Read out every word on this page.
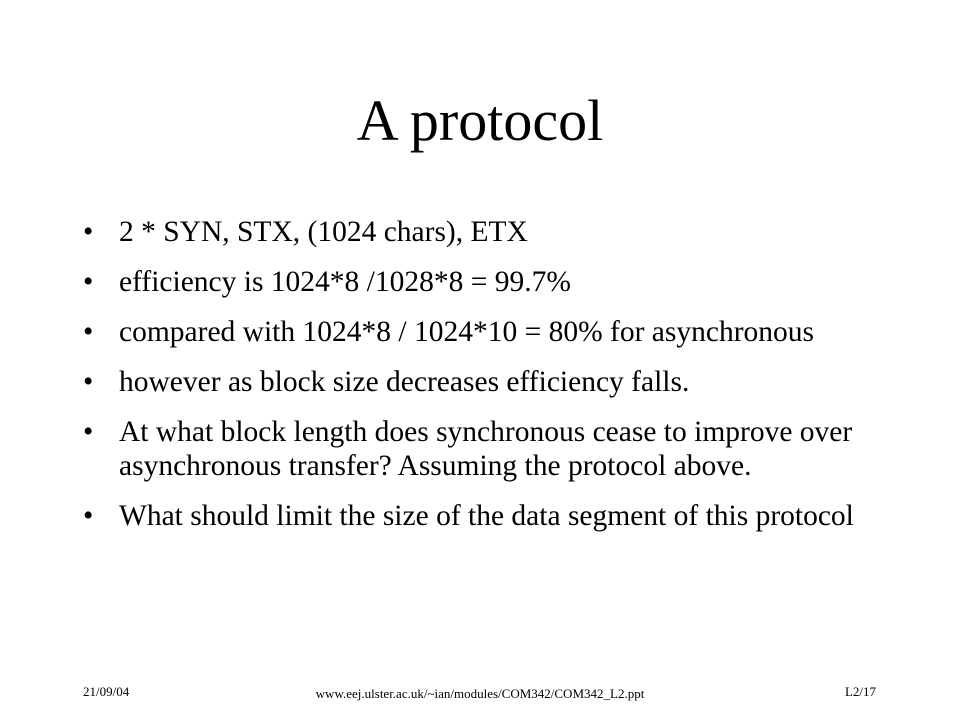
A protocol
• 2 * SYN, STX, (1024 chars), ETX
• efficiency is 1024*8 /1028*8 = 99.7%
• compared with 1024*8 / 1024*10 = 80% for asynchronous
• however as block size decreases efficiency falls.
• At what block length does synchronous cease to improve over asynchronous transfer? Assuming the protocol above.
• What should limit the size of the data segment of this protocol
21/09/04	www.eej.ulster.ac.uk/~ian/modules/COM342/COM342_L2.ppt	L2/17
